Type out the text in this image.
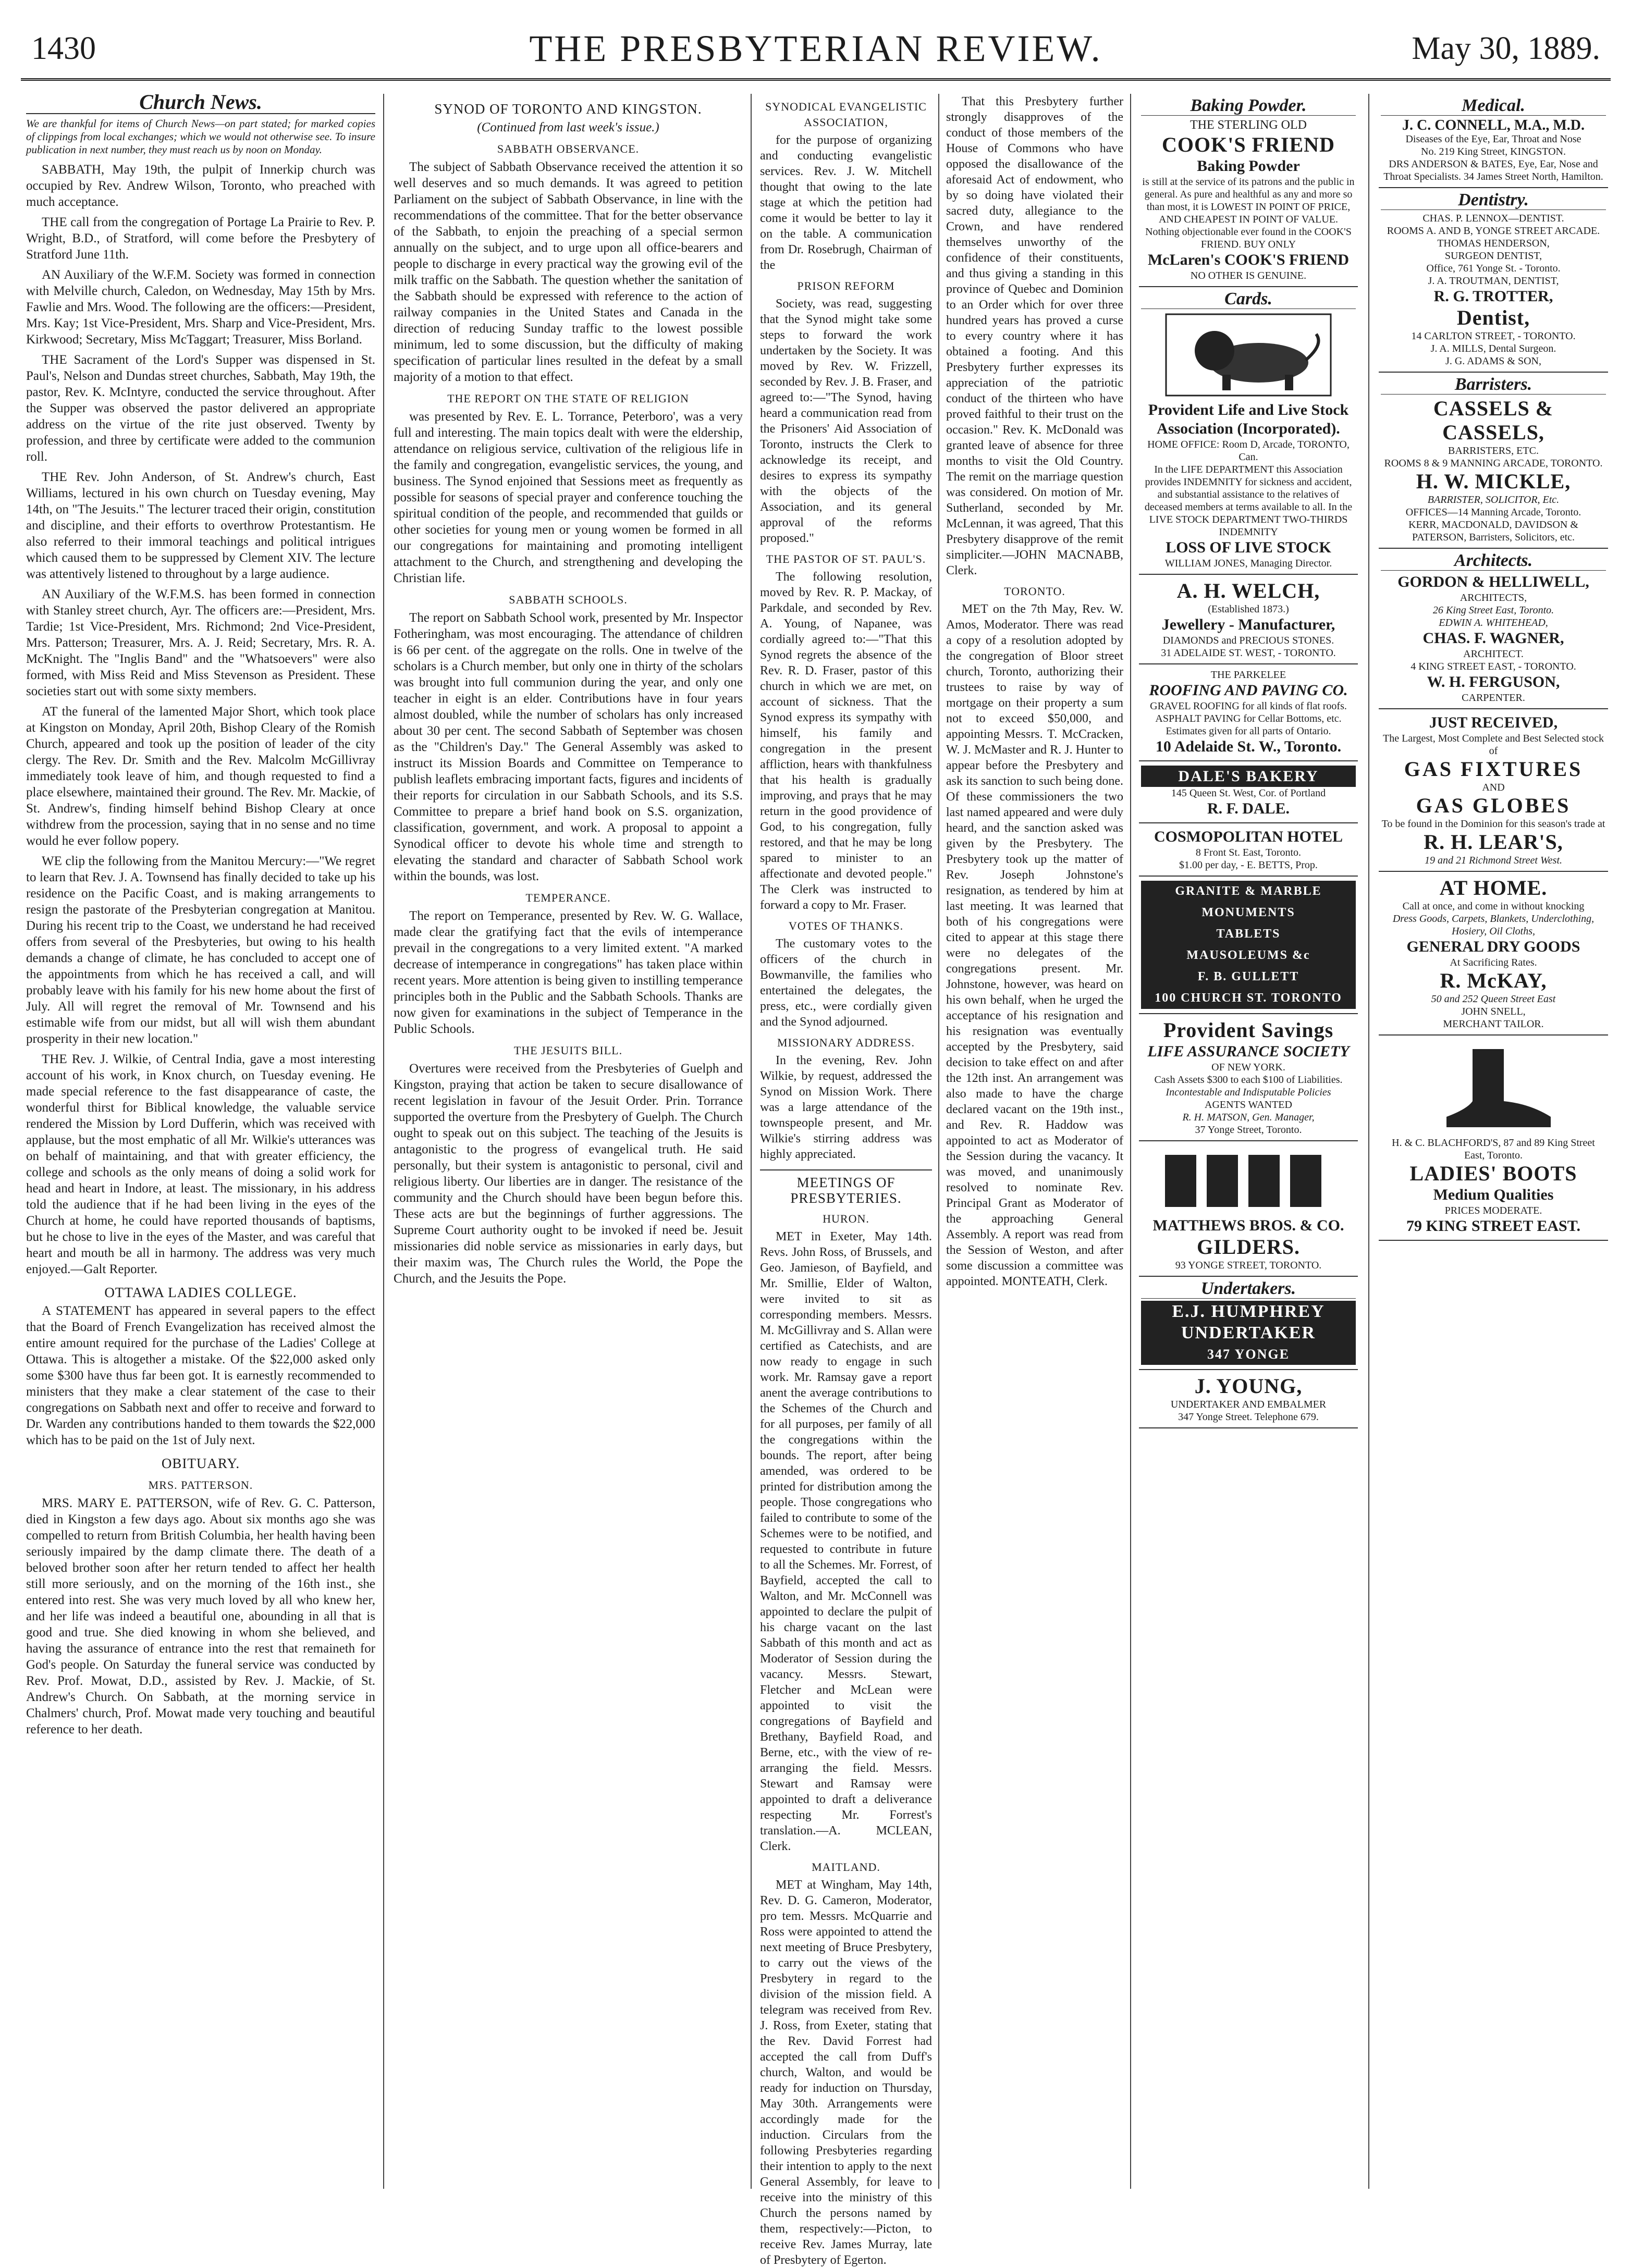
1430	THE PRESBYTERIAN REVIEW.	May 30, 1889.
Church News.

We are thankful for items of Church News—on part stated; for marked copies of clippings from local exchanges; which we would not otherwise see. To insure publication in next number, they must reach us by noon on Monday.

SABBATH, May 19th, the pulpit of Innerkip church was occupied by Rev. Andrew Wilson, Toronto, who preached with much acceptance.

THE call from the congregation of Portage La Prairie to Rev. P. Wright, B.D., of Stratford, will come before the Presbytery of Stratford June 11th.

AN Auxiliary of the W.F.M. Society was formed in connection with Melville church, Caledon, on Wednesday, May 15th by Mrs. Fawlie and Mrs. Wood. The following are the officers:—President, Mrs. Kay; 1st Vice-President, Mrs. Sharp and Vice-President, Mrs. Kirkwood; Secretary, Miss McTaggart; Treasurer, Miss Borland.

THE Sacrament of the Lord's Supper was dispensed in St. Paul's, Nelson and Dundas street churches, Sabbath, May 19th, the pastor, Rev. K. McIntyre, conducted the service throughout. After the Supper was observed the pastor delivered an appropriate address on the virtue of the rite just observed. Twenty by profession, and three by certificate were added to the communion roll.

THE Rev. John Anderson, of St. Andrew's church, East Williams, lectured in his own church on Tuesday evening, May 14th, on "The Jesuits." The lecturer traced their origin, constitution and discipline, and their efforts to overthrow Protestantism. He also referred to their immoral teachings and political intrigues which caused them to be suppressed by Clement XIV. The lecture was attentively listened to throughout by a large audience.

AN Auxiliary of the W.F.M.S. has been formed in connection with Stanley street church, Ayr. The officers are:—President, Mrs. Tardie; 1st Vice-President, Mrs. Richmond; 2nd Vice-President, Mrs. Patterson; Treasurer, Mrs. A. J. Reid; Secretary, Mrs. R. A. McKnight. The "Inglis Band" and the "Whatsoevers" were also formed, with Miss Reid and Miss Stevenson as President. These societies start out with some sixty members.

AT the funeral of the lamented Major Short, which took place at Kingston on Monday, April 20th, Bishop Cleary of the Romish Church, appeared and took up the position of leader of the city clergy. The Rev. Dr. Smith and the Rev. Malcolm McGillivray immediately took leave of him, and though requested to find a place elsewhere, maintained their ground. The Rev. Mr. Mackie, of St. Andrew's, finding himself behind Bishop Cleary at once withdrew from the procession, saying that in no sense and no time would he ever follow popery.

WE clip the following from the Manitou Mercury:—"We regret to learn that Rev. J. A. Townsend has finally decided to take up his residence on the Pacific Coast, and is making arrangements to resign the pastorate of the Presbyterian congregation at Manitou. During his recent trip to the Coast, we understand he had received offers from several of the Presbyteries, but owing to his health demands a change of climate, he has concluded to accept one of the appointments from which he has received a call, and will probably leave with his family for his new home about the first of July. All will regret the removal of Mr. Townsend and his estimable wife from our midst, but all will wish them abundant prosperity in their new location."

THE Rev. J. Wilkie, of Central India, gave a most interesting account of his work, in Knox church, on Tuesday evening. He made special reference to the fast disappearance of caste, the wonderful thirst for Biblical knowledge, the valuable service rendered the Mission by Lord Dufferin, which was received with applause, but the most emphatic of all Mr. Wilkie's utterances was on behalf of maintaining, and that with greater efficiency, the college and schools as the only means of doing a solid work for head and heart in Indore, at least. The missionary, in his address told the audience that if he had been living in the eyes of the Church at home, he could have reported thousands of baptisms, but he chose to live in the eyes of the Master, and was careful that heart and mouth be all in harmony. The address was very much enjoyed.—Galt Reporter.

OTTAWA LADIES COLLEGE.

A STATEMENT has appeared in several papers to the effect that the Board of French Evangelization has received almost the entire amount required for the purchase of the Ladies' College at Ottawa. This is altogether a mistake. Of the $22,000 asked only some $300 have thus far been got. It is earnestly recommended to ministers that they make a clear statement of the case to their congregations on Sabbath next and offer to receive and forward to Dr. Warden any contributions handed to them towards the $22,000 which has to be paid on the 1st of July next.

OBITUARY.
MRS. PATTERSON.

MRS. MARY E. PATTERSON, wife of Rev. G. C. Patterson, died in Kingston a few days ago. About six months ago she was compelled to return from British Columbia, her health having been seriously impaired by the damp climate there. The death of a beloved brother soon after her return tended to affect her health still more seriously, and on the morning of the 16th inst., she entered into rest. She was very much loved by all who knew her, and her life was indeed a beautiful one, abounding in all that is good and true. She died knowing in whom she believed, and having the assurance of entrance into the rest that remaineth for God's people. On Saturday the funeral service was conducted by Rev. Prof. Mowat, D.D., assisted by Rev. J. Mackie, of St. Andrew's Church. On Sabbath, at the morning service in Chalmers' church, Prof. Mowat made very touching and beautiful reference to her death.

SYNOD OF TORONTO AND KINGSTON.
(Continued from last week's issue.)
SABBATH OBSERVANCE.

The subject of Sabbath Observance received the attention it so well deserves and so much demands. It was agreed to petition Parliament on the subject of Sabbath Observance, in line with the recommendations of the committee. That for the better observance of the Sabbath, to enjoin the preaching of a special sermon annually on the subject, and to urge upon all office-bearers and people to discharge in every practical way the growing evil of the milk traffic on the Sabbath. The question whether the sanitation of the Sabbath should be expressed with reference to the action of railway companies in the United States and Canada in the direction of reducing Sunday traffic to the lowest possible minimum, led to some discussion, but the difficulty of making specification of particular lines resulted in the defeat by a small majority of a motion to that effect.

THE REPORT ON THE STATE OF RELIGION

was presented by Rev. E. L. Torrance, Peterboro', was a very full and interesting. The main topics dealt with were the eldership, attendance on religious service, cultivation of the religious life in the family and congregation, evangelistic services, the young, and business. The Synod enjoined that Sessions meet as frequently as possible for seasons of special prayer and conference touching the spiritual condition of the people, and recommended that guilds or other societies for young men or young women be formed in all our congregations for maintaining and promoting intelligent attachment to the Church, and strengthening and developing the Christian life.

SABBATH SCHOOLS.

The report on Sabbath School work, presented by Mr. Inspector Fotheringham, was most encouraging. The attendance of children is 66 per cent. of the aggregate on the rolls. One in twelve of the scholars is a Church member, but only one in thirty of the scholars was brought into full communion during the year, and only one teacher in eight is an elder. Contributions have in four years almost doubled, while the number of scholars has only increased about 30 per cent. The second Sabbath of September was chosen as the "Children's Day." The General Assembly was asked to instruct its Mission Boards and Committee on Temperance to publish leaflets embracing important facts, figures and incidents of their reports for circulation in our Sabbath Schools, and its S.S. Committee to prepare a brief hand book on S.S. organization, classification, government, and work. A proposal to appoint a Synodical officer to devote his whole time and strength to elevating the standard and character of Sabbath School work within the bounds, was lost.

TEMPERANCE.

The report on Temperance, presented by Rev. W. G. Wallace, made clear the gratifying fact that the evils of intemperance prevail in the congregations to a very limited extent. "A marked decrease of intemperance in congregations" has taken place within recent years. More attention is being given to instilling temperance principles both in the Public and the Sabbath Schools. Thanks are now given for examinations in the subject of Temperance in the Public Schools.

THE JESUITS BILL.

Overtures were received from the Presbyteries of Guelph and Kingston, praying that action be taken to secure disallowance of recent legislation in favour of the Jesuit Order. Prin. Torrance supported the overture from the Presbytery of Guelph. The Church ought to speak out on this subject. The teaching of the Jesuits is antagonistic to the progress of evangelical truth. He said personally, but their system is antagonistic to personal, civil and religious liberty. Our liberties are in danger. The resistance of the community and the Church should have been begun before this. These acts are but the beginnings of further aggressions. The Supreme Court authority ought to be invoked if need be. Jesuit missionaries did noble service as missionaries in early days, but their maxim was, The Church rules the World, the Pope the Church, and the Jesuits the Pope.

SYNODICAL EVANGELISTIC ASSOCIATION,

for the purpose of organizing and conducting evangelistic services. Rev. J. W. Mitchell thought that owing to the late stage at which the petition had come it would be better to lay it on the table. A communication from Dr. Rosebrugh, Chairman of the

PRISON REFORM

Society, was read, suggesting that the Synod might take some steps to forward the work undertaken by the Society. It was moved by Rev. W. Frizzell, seconded by Rev. J. B. Fraser, and agreed to:—"The Synod, having heard a communication read from the Prisoners' Aid Association of Toronto, instructs the Clerk to acknowledge its receipt, and desires to express its sympathy with the objects of the Association, and its general approval of the reforms proposed."

THE PASTOR OF ST. PAUL'S.

The following resolution, moved by Rev. R. P. Mackay, of Parkdale, and seconded by Rev. A. Young, of Napanee, was cordially agreed to:—"That this Synod regrets the absence of the Rev. R. D. Fraser, pastor of this church in which we are met, on account of sickness. That the Synod express its sympathy with himself, his family and congregation in the present affliction, hears with thankfulness that his health is gradually improving, and prays that he may return in the good providence of God, to his congregation, fully restored, and that he may be long spared to minister to an affectionate and devoted people." The Clerk was instructed to forward a copy to Mr. Fraser.

VOTES OF THANKS.

The customary votes to the officers of the church in Bowmanville, the families who entertained the delegates, the press, etc., were cordially given and the Synod adjourned.

MISSIONARY ADDRESS.

In the evening, Rev. John Wilkie, by request, addressed the Synod on Mission Work. There was a large attendance of the townspeople present, and Mr. Wilkie's stirring address was highly appreciated.

MEETINGS OF PRESBYTERIES.
HURON.

MET in Exeter, May 14th. Revs. John Ross, of Brussels, and Geo. Jamieson, of Bayfield, and Mr. Smillie, Elder of Walton, were invited to sit as corresponding members. Messrs. M. McGillivray and S. Allan were certified as Catechists, and are now ready to engage in such work. Mr. Ramsay gave a report anent the average contributions to the Schemes of the Church and for all purposes, per family of all the congregations within the bounds. The report, after being amended, was ordered to be printed for distribution among the people. Those congregations who failed to contribute to some of the Schemes were to be notified, and requested to contribute in future to all the Schemes. Mr. Forrest, of Bayfield, accepted the call to Walton, and Mr. McConnell was appointed to declare the pulpit of his charge vacant on the last Sabbath of this month and act as Moderator of Session during the vacancy. Messrs. Stewart, Fletcher and McLean were appointed to visit the congregations of Bayfield and Brethany, Bayfield Road, and Berne, etc., with the view of re-arranging the field. Messrs. Stewart and Ramsay were appointed to draft a deliverance respecting Mr. Forrest's translation.—A. MCLEAN, Clerk.

MAITLAND.

MET at Wingham, May 14th, Rev. D. G. Cameron, Moderator, pro tem. Messrs. McQuarrie and Ross were appointed to attend the next meeting of Bruce Presbytery, to carry out the views of the Presbytery in regard to the division of the mission field. A telegram was received from Rev. J. Ross, from Exeter, stating that the Rev. David Forrest had accepted the call from Duff's church, Walton, and would be ready for induction on Thursday, May 30th. Arrangements were accordingly made for the induction. Circulars from the following Presbyteries regarding their intention to apply to the next General Assembly, for leave to receive into the ministry of this Church the persons named by them, respectively:—Picton, to receive Rev. James Murray, late of Presbytery of Egerton.

That this Presbytery further strongly disapproves of the conduct of those members of the House of Commons who have opposed the disallowance of the aforesaid Act of endowment, who by so doing have violated their sacred duty, allegiance to the Crown, and have rendered themselves unworthy of the confidence of their constituents, and thus giving a standing in this province of Quebec and Dominion to an Order which for over three hundred years has proved a curse to every country where it has obtained a footing. And this Presbytery further expresses its appreciation of the patriotic conduct of the thirteen who have proved faithful to their trust on the occasion." Rev. K. McDonald was granted leave of absence for three months to visit the Old Country. The remit on the marriage question was considered. On motion of Mr. Sutherland, seconded by Mr. McLennan, it was agreed, That this Presbytery disapprove of the remit simpliciter.—JOHN MACNABB, Clerk.

TORONTO.

MET on the 7th May, Rev. W. Amos, Moderator. There was read a copy of a resolution adopted by the congregation of Bloor street church, Toronto, authorizing their trustees to raise by way of mortgage on their property a sum not to exceed $50,000, and appointing Messrs. T. McCracken, W. J. McMaster and R. J. Hunter to appear before the Presbytery and ask its sanction to such being done. Of these commissioners the two last named appeared and were duly heard, and the sanction asked was given by the Presbytery. The Presbytery took up the matter of Rev. Joseph Johnstone's resignation, as tendered by him at last meeting. It was learned that both of his congregations were cited to appear at this stage there were no delegates of the congregations present. Mr. Johnstone, however, was heard on his own behalf, when he urged the acceptance of his resignation and his resignation was eventually accepted by the Presbytery, said decision to take effect on and after the 12th inst. An arrangement was also made to have the charge declared vacant on the 19th inst., and Rev. R. Haddow was appointed to act as Moderator of the Session during the vacancy. It was moved, and unanimously resolved to nominate Rev. Principal Grant as Moderator of the approaching General Assembly. A report was read from the Session of Weston, and after some discussion a committee was appointed. MONTEATH, Clerk.

Baking Powder.
THE STERLING OLD
COOK'S FRIEND
Baking Powder
is still at the service of its patrons and the public in general. As pure and healthful as any and more so than most, it is LOWEST IN POINT OF PRICE, AND CHEAPEST IN POINT OF VALUE. Nothing objectionable ever found in the COOK'S FRIEND. BUY ONLY
McLaren's COOK'S FRIEND
NO OTHER IS GENUINE.
Cards.
Provident Life and Live Stock Association (Incorporated).
HOME OFFICE: Room D, Arcade, TORONTO, Can.
In the LIFE DEPARTMENT this Association provides INDEMNITY for sickness and accident, and substantial assistance to the relatives of deceased members at terms available to all. In the LIVE STOCK DEPARTMENT TWO-THIRDS INDEMNITY
LOSS OF LIVE STOCK
WILLIAM JONES, Managing Director.
A. H. WELCH,
(Established 1873.)
Jewellery - Manufacturer,
DIAMONDS and PRECIOUS STONES.
31 ADELAIDE ST. WEST, - TORONTO.
THE PARKELEE
ROOFING AND PAVING CO.
GRAVEL ROOFING for all kinds of flat roofs. ASPHALT PAVING for Cellar Bottoms, etc. Estimates given for all parts of Ontario.
10 Adelaide St. W., Toronto.
DALE'S BAKERY
145 Queen St. West, Cor. of Portland
R. F. DALE.
COSMOPOLITAN HOTEL
8 Front St. East, Toronto.
$1.00 per day, - E. BETTS, Prop.
GRANITE & MARBLE
MONUMENTS
TABLETS
MAUSOLEUMS &c
F. B. GULLETT
100 CHURCH ST. TORONTO
Provident Savings
LIFE ASSURANCE SOCIETY
OF NEW YORK.
Cash Assets $300 to each $100 of Liabilities.
Incontestable and Indisputable Policies
AGENTS WANTED
R. H. MATSON, Gen. Manager,
37 Yonge Street, Toronto.
MATTHEWS BROS. & CO.
GILDERS.
93 YONGE STREET, TORONTO.
Undertakers.
E.J. HUMPHREY
UNDERTAKER
347 YONGE
J. YOUNG,
UNDERTAKER AND EMBALMER
347 Yonge Street. Telephone 679.
Medical.
J. C. CONNELL, M.A., M.D.
Diseases of the Eye, Ear, Throat and Nose
No. 219 King Street, KINGSTON.
DRS ANDERSON & BATES, Eye, Ear, Nose and Throat Specialists. 34 James Street North, Hamilton.
Dentistry.
CHAS. P. LENNOX—DENTIST.
ROOMS A. AND B, YONGE STREET ARCADE.
THOMAS HENDERSON,
SURGEON DENTIST,
Office, 761 Yonge St. - Toronto.
J. A. TROUTMAN, DENTIST,
R. G. TROTTER,
Dentist,
14 CARLTON STREET, - TORONTO.
J. A. MILLS, Dental Surgeon.
J. G. ADAMS & SON,
Barristers.
CASSELS & CASSELS,
BARRISTERS, ETC.
ROOMS 8 & 9 MANNING ARCADE, TORONTO.
H. W. MICKLE,
BARRISTER, SOLICITOR, Etc.
OFFICES—14 Manning Arcade, Toronto.
KERR, MACDONALD, DAVIDSON & PATERSON, Barristers, Solicitors, etc.
Architects.
GORDON & HELLIWELL,
ARCHITECTS,
26 King Street East, Toronto.
EDWIN A. WHITEHEAD,
CHAS. F. WAGNER,
ARCHITECT.
4 KING STREET EAST, - TORONTO.
W. H. FERGUSON,
CARPENTER.
JUST RECEIVED,
The Largest, Most Complete and Best Selected stock of
GAS FIXTURES
AND
GAS GLOBES
To be found in the Dominion for this season's trade at
R. H. LEAR'S,
19 and 21 Richmond Street West.
AT HOME.
Call at once, and come in without knocking
Dress Goods, Carpets, Blankets, Underclothing, Hosiery, Oil Cloths,
GENERAL DRY GOODS
At Sacrificing Rates.
R. McKAY,
50 and 252 Queen Street East
JOHN SNELL,
MERCHANT TAILOR.
H. & C. BLACHFORD'S, 87 and 89 King Street East, Toronto.
LADIES' BOOTS
Medium Qualities
PRICES MODERATE.
79 KING STREET EAST.
